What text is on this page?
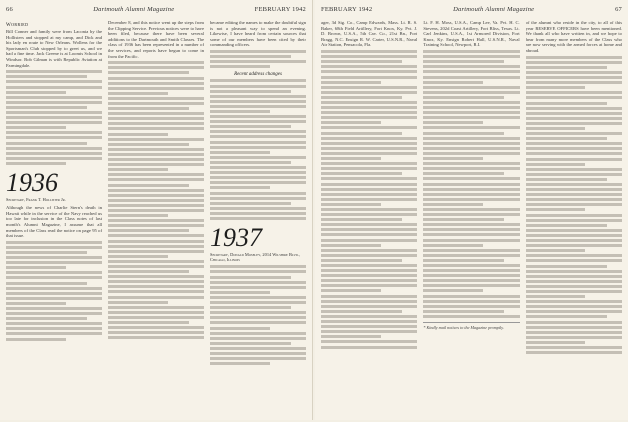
66	Dartmouth Alumni Magazine	FEBRUARY 1942
Worried

Bill Conner and family were from Laconia by the Hollisters and stopped at my camp, and Dick and his lady en route to New Orleans. Wollens for the Sportsman's Club stopped by to greet us, and we had a fine time. Jack Greene is at Loomis School in Windsor. Bob Gilman is with Republic Aviation at Farmingdale.

1936
Secretary, Frank T. Hollister Jr.

Although the news of Charlie Stern's death in Hawaii while in the service of the Navy reached us too late for inclusion in the Class notes of last month's Alumni Magazine, I assume that all members of the Class read the notice on page 95 of that issue.

December 8, and this notice went up the steps from the Clipping Service. Previous notices were to have been filed, because there have been several additions to the Dartmouth and Smith Classes. The class of 1936 has been represented in a number of the services, and reports have begun to come in from the Pacific.

became editing the names to make the doubtful sign is not a pleasant way to spend an evening. Likewise, I have heard from certain sources that some of our members have been cited by their commanding officers.

Recent address changes
1937
Secretary, Donald Moseley, 2014 Wilshire Blvd., Chicago, Illinois
FEBRUARY 1942	Dartmouth Alumni Magazine	67

ager, 3d Sig. Co., Camp Edwards, Mass. Lt. R. S. Baker, 68th Field Artillery, Fort Knox, Ky. Pvt. J. D. Brown, U.S.A., 5th Cav. Co., 21st Bn., Fort Bragg, N.C. Ensign R. W. Carter, U.S.N.R., Naval Air Station, Pensacola, Fla.

Lt. F. H. Moss, U.S.A., Camp Lee, Va. Pvt. H. C. Stevens, 202d Coast Artillery, Fort Bliss, Texas. Lt. Carl Jenkins, U.S.A., 1st Armored Division, Fort Knox, Ky. Ensign Robert Hall, U.S.N.R., Naval Training School, Newport, R.I.

* Kindly mail notices to the Magazine promptly.

of the alumni who reside in the city, to all of this year RESERVE OFFICERS have been mentioned. We thank all who have written in, and we hope to hear from many more members of the Class who are now serving with the armed forces at home and abroad.
